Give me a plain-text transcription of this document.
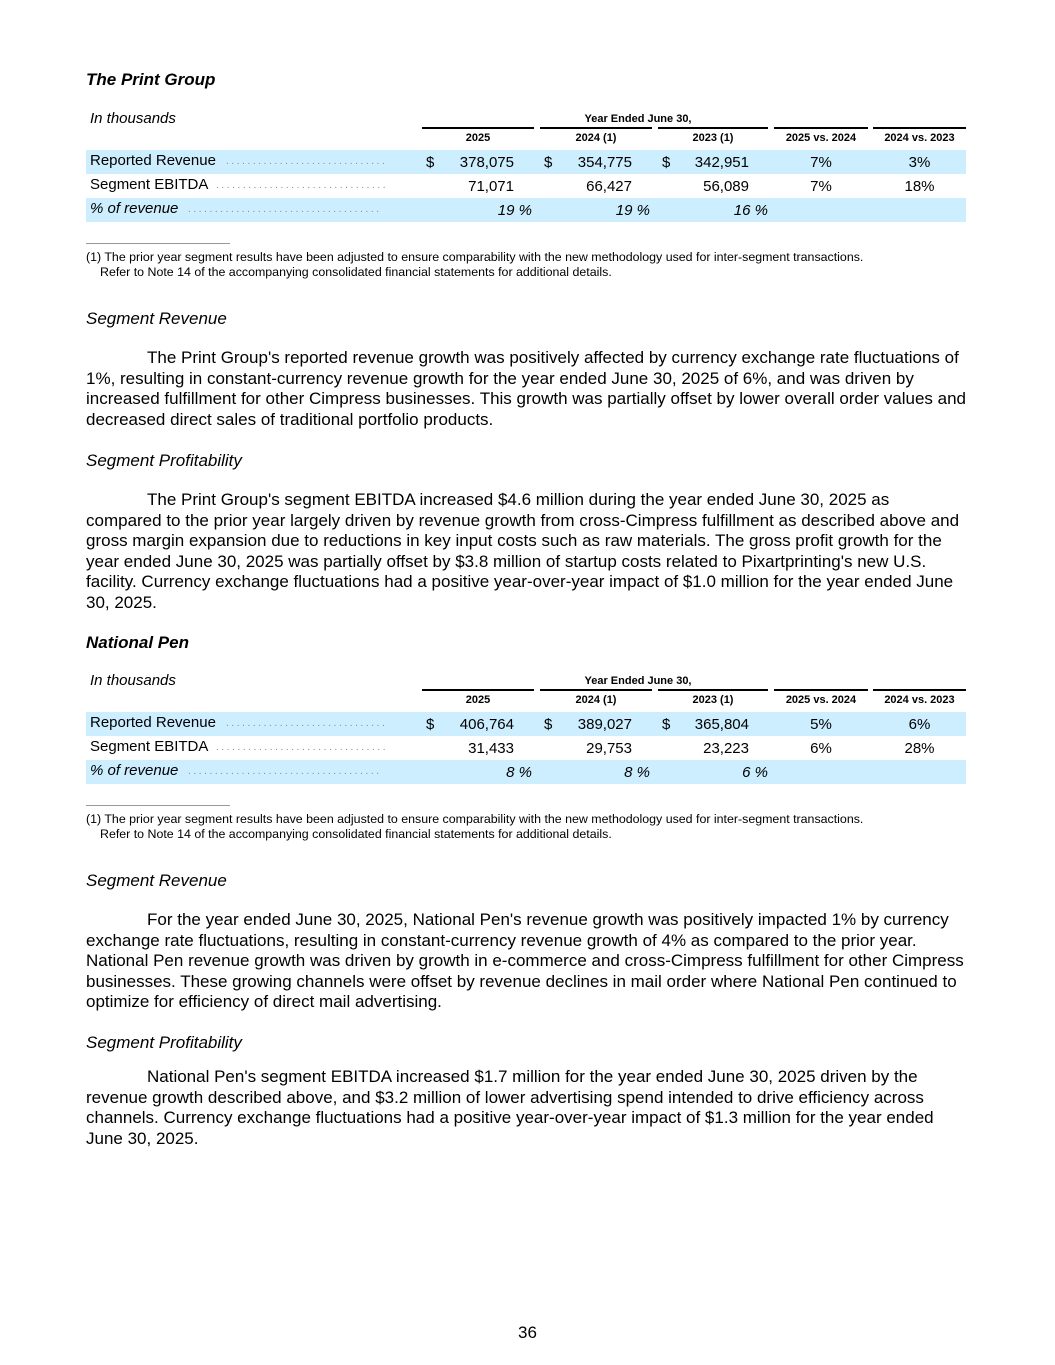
The Print Group
In thousands	Year Ended June 30,
2025	2024 (1)	2023 (1)	2025 vs. 2024	2024 vs. 2023
Reported Revenue ..............................	$	378,075 $	354,775 $	342,951	7%	3%
Segment EBITDA ................................	71,071	66,427	56,089	7%	18%
% of revenue ....................................	19 %	19 %	16 %
(1) The prior year segment results have been adjusted to ensure comparability with the new methodology used for inter-segment transactions.
Refer to Note 14 of the accompanying consolidated financial statements for additional details.
Segment Revenue

The Print Group's reported revenue growth was positively affected by currency exchange rate fluctuations of 1%, resulting in constant-currency revenue growth for the year ended June 30, 2025 of 6%, and was driven by increased fulfillment for other Cimpress businesses. This growth was partially offset by lower overall order values and decreased direct sales of traditional portfolio products.

Segment Profitability

The Print Group's segment EBITDA increased $4.6 million during the year ended June 30, 2025 as compared to the prior year largely driven by revenue growth from cross-Cimpress fulfillment as described above and gross margin expansion due to reductions in key input costs such as raw materials. The gross profit growth for the year ended June 30, 2025 was partially offset by $3.8 million of startup costs related to Pixartprinting's new U.S. facility. Currency exchange fluctuations had a positive year-over-year impact of $1.0 million for the year ended June 30, 2025.

National Pen
In thousands	Year Ended June 30,
2025	2024 (1)	2023 (1)	2025 vs. 2024	2024 vs. 2023
Reported Revenue ..............................	$	406,764 $	389,027 $	365,804	5%	6%
Segment EBITDA ................................	31,433	29,753	23,223	6%	28%
% of revenue ....................................	8 %	8 %	6 %
(1) The prior year segment results have been adjusted to ensure comparability with the new methodology used for inter-segment transactions.
Refer to Note 14 of the accompanying consolidated financial statements for additional details.
Segment Revenue

For the year ended June 30, 2025, National Pen's revenue growth was positively impacted 1% by currency exchange rate fluctuations, resulting in constant-currency revenue growth of 4% as compared to the prior year. National Pen revenue growth was driven by growth in e-commerce and cross-Cimpress fulfillment for other Cimpress businesses. These growing channels were offset by revenue declines in mail order where National Pen continued to optimize for efficiency of direct mail advertising.

Segment Profitability

National Pen's segment EBITDA increased $1.7 million for the year ended June 30, 2025 driven by the revenue growth described above, and $3.2 million of lower advertising spend intended to drive efficiency across channels. Currency exchange fluctuations had a positive year-over-year impact of $1.3 million for the year ended June 30, 2025.

36
